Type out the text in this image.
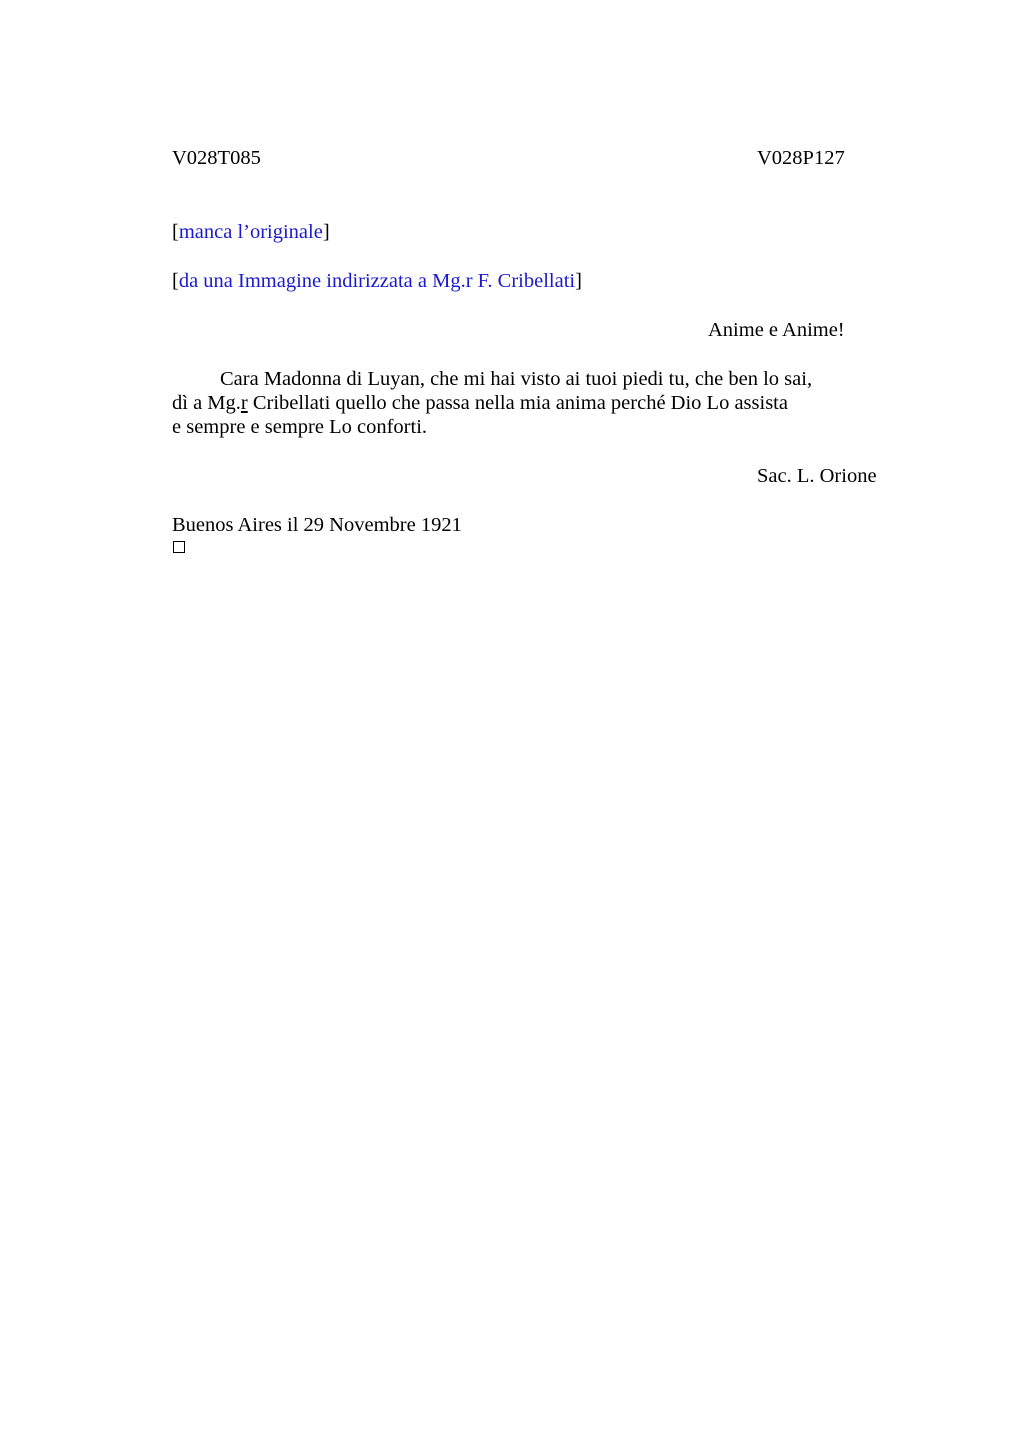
V028T085	V028P127
[manca l’originale]
[da una Immagine indirizzata a Mg.r F. Cribellati]
Anime e Anime!
Cara Madonna di Luyan, che mi hai visto ai tuoi piedi tu, che ben lo sai,
dì a Mg.r Cribellati quello che passa nella mia anima perché Dio Lo assista
e sempre e sempre Lo conforti.
Sac. L. Orione
Buenos Aires il 29 Novembre 1921
